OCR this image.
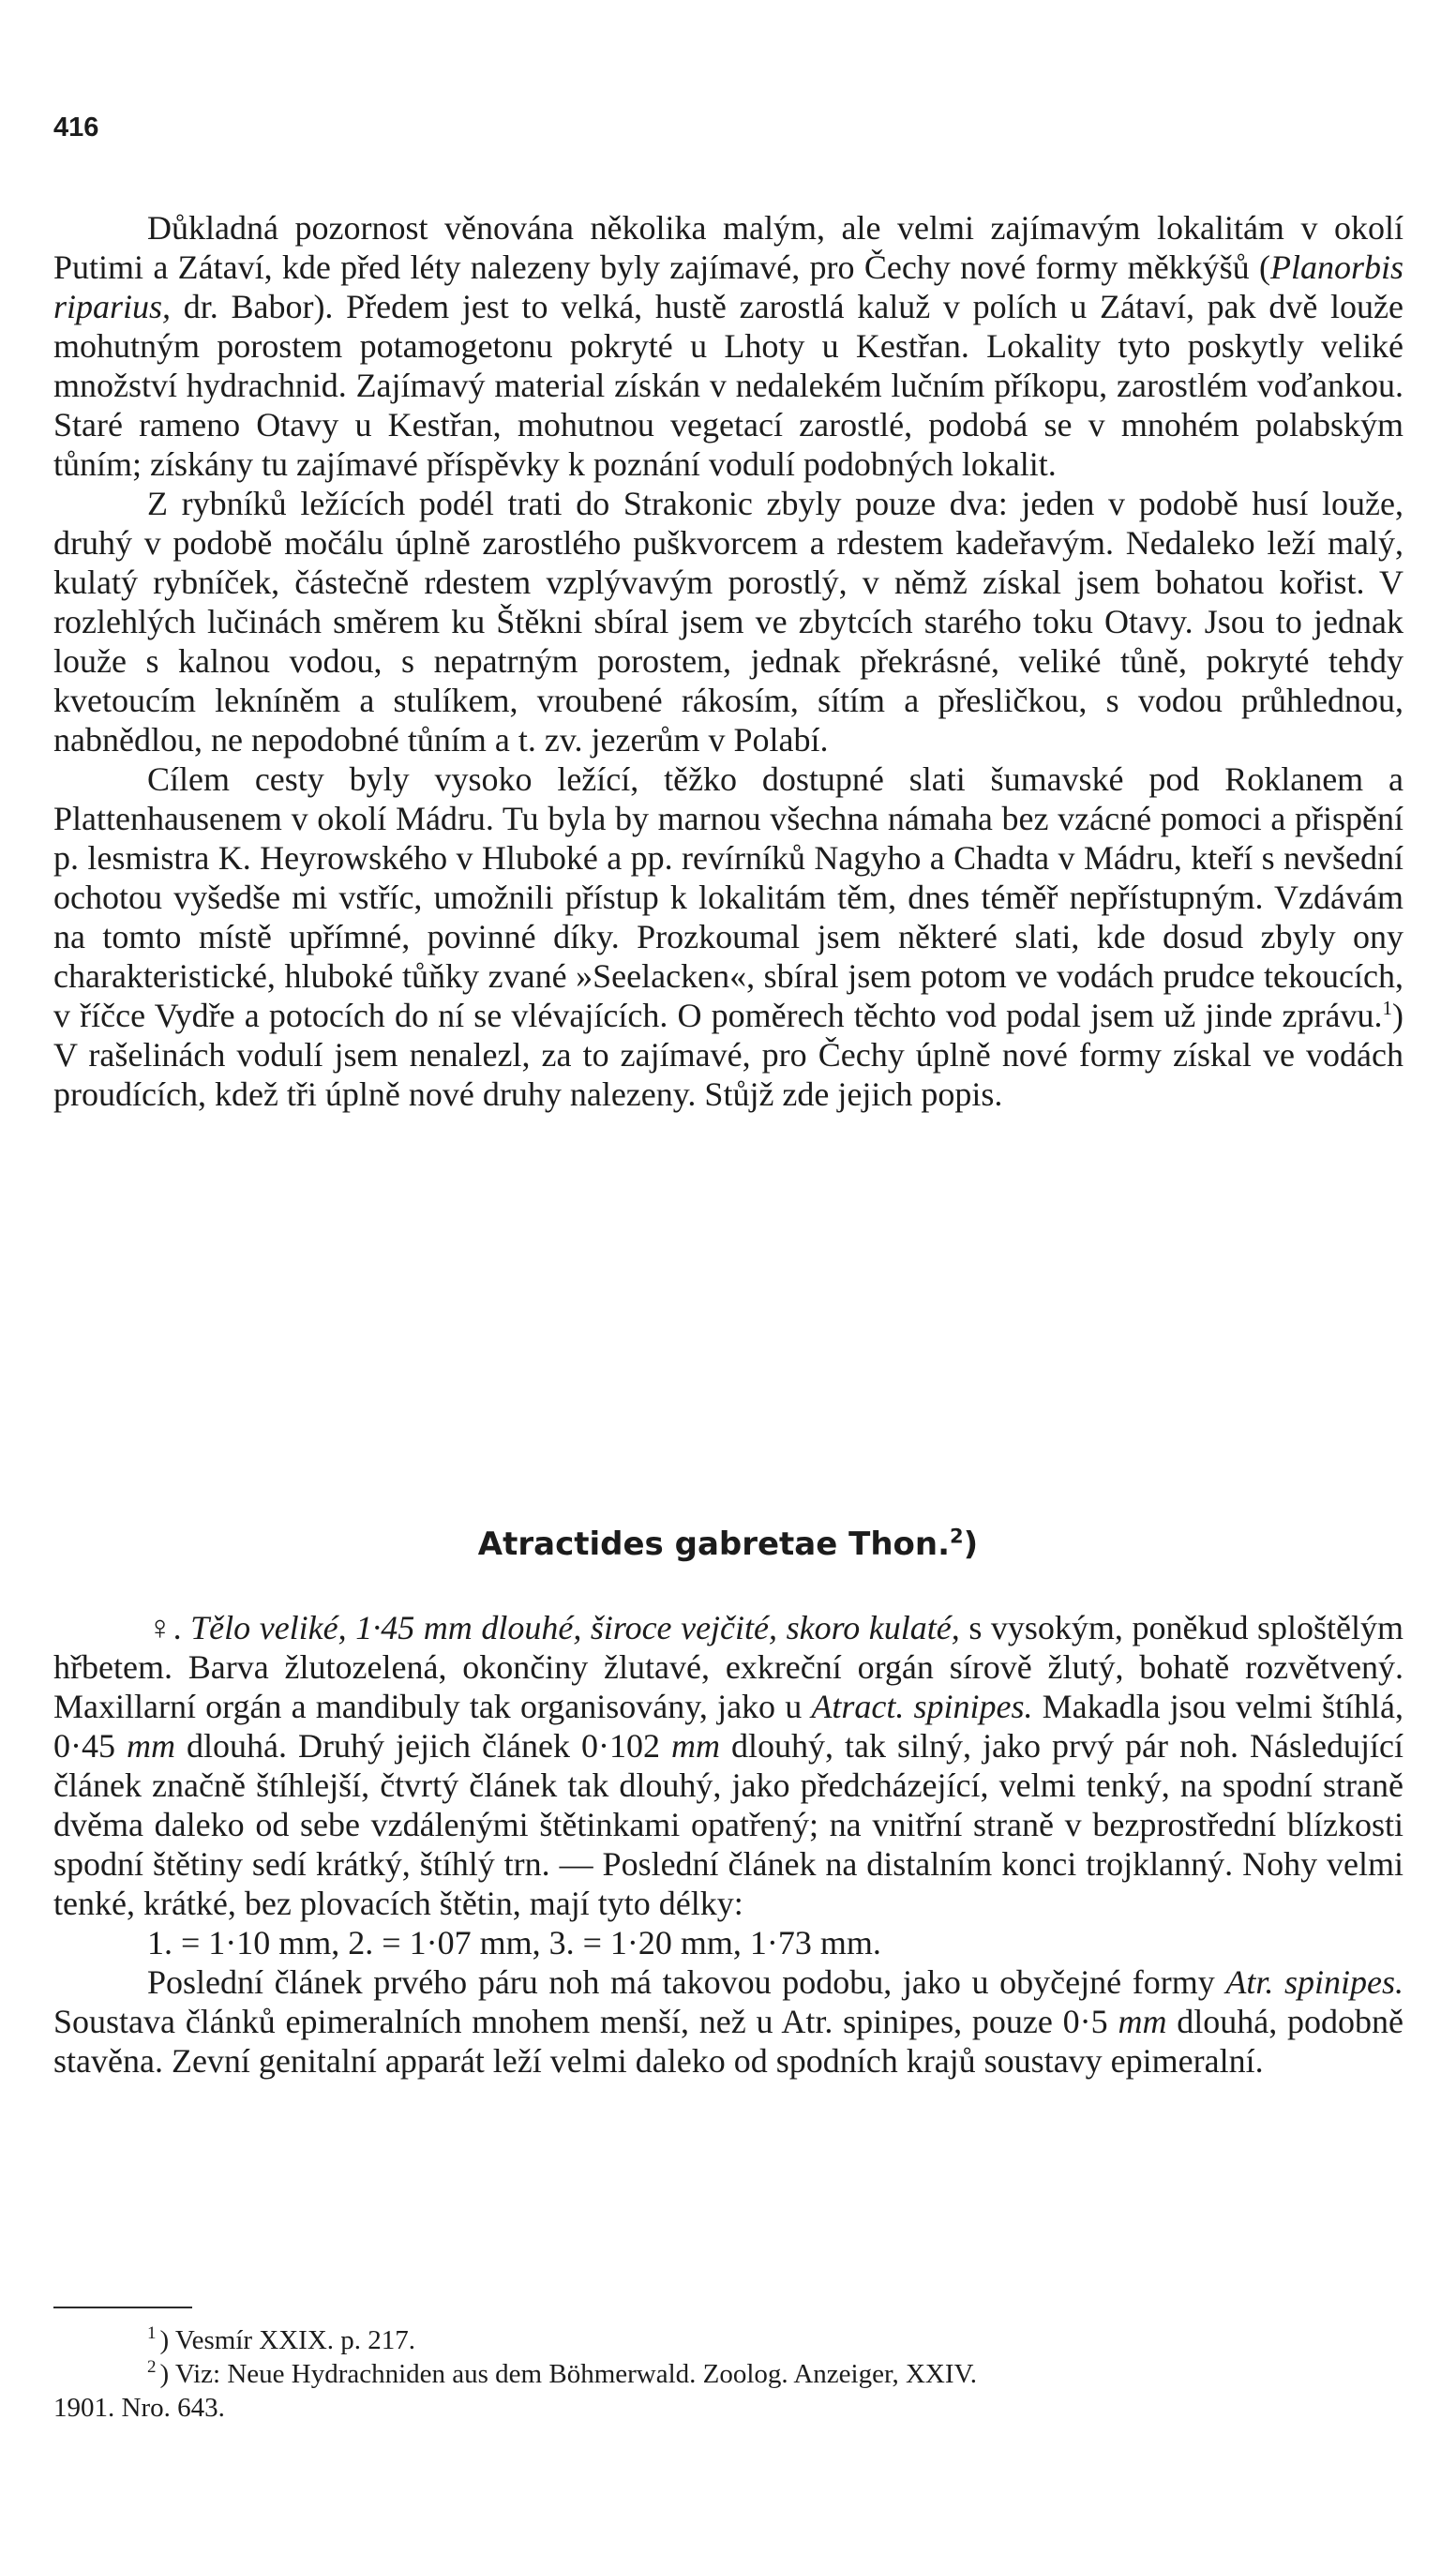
416

Důkladná pozornost věnována několika malým, ale velmi zajímavým lokalitám v okolí Putimi a Zátaví, kde před léty nalezeny byly zajímavé, pro Čechy nové formy měkkýšů (Planorbis riparius, dr. Babor). Předem jest to velká, hustě zarostlá kaluž v polích u Zátaví, pak dvě louže mohutným porostem potamogetonu pokryté u Lhoty u Kestřan. Lokality tyto poskytly veliké množství hydrachnid. Zajímavý material získán v nedalekém lučním příkopu, zarostlém voďankou. Staré rameno Otavy u Kestřan, mohutnou vegetací zarostlé, podobá se v mnohém polabským tůním; získány tu zajímavé příspěvky k poznání vodulí podobných lokalit.

Z rybníků ležících podél trati do Strakonic zbyly pouze dva: jeden v podobě husí louže, druhý v podobě močálu úplně zarostlého puškvorcem a rdestem kadeřavým. Nedaleko leží malý, kulatý rybníček, částečně rdestem vzplývavým porostlý, v němž získal jsem bohatou kořist. V rozlehlých lučinách směrem ku Štěkni sbíral jsem ve zbytcích starého toku Otavy. Jsou to jednak louže s kalnou vodou, s nepatrným porostem, jednak překrásné, veliké tůně, pokryté tehdy kvetoucím lekníněm a stulíkem, vroubené rákosím, sítím a přesličkou, s vodou průhlednou, nabnědlou, ne nepodobné tůním a t. zv. jezerům v Polabí.

Cílem cesty byly vysoko ležící, těžko dostupné slati šumavské pod Roklanem a Plattenhausenem v okolí Mádru. Tu byla by marnou všechna námaha bez vzácné pomoci a přispění p. lesmistra K. Heyrowského v Hluboké a pp. revírníků Nagyho a Chadta v Mádru, kteří s nevšední ochotou vyšedše mi vstříc, umožnili přístup k lokalitám těm, dnes téměř nepřístupným. Vzdávám na tomto místě upřímné, povinné díky. Prozkoumal jsem některé slati, kde dosud zbyly ony charakteristické, hluboké tůňky zvané »Seelacken«, sbíral jsem potom ve vodách prudce tekoucích, v říčce Vydře a potocích do ní se vlévajících. O poměrech těchto vod podal jsem už jinde zprávu.$^1$) V rašelinách vodulí jsem nenalezl, za to zajímavé, pro Čechy úplně nové formy získal ve vodách proudících, kdež tři úplně nové druhy nalezeny. Stůjž zde jejich popis.

Atractides gabretae Thon.$^2$)

♀. Tělo veliké, 1·45 mm dlouhé, široce vejčité, skoro kulaté, s vysokým, poněkud sploštělým hřbetem. Barva žlutozelená, okončiny žlutavé, exkreční orgán sírově žlutý, bohatě rozvětvený. Maxillarní orgán a mandibuly tak organisovány, jako u Atract. spinipes. Makadla jsou velmi štíhlá, 0·45 mm dlouhá. Druhý jejich článek 0·102 mm dlouhý, tak silný, jako prvý pár noh. Následující článek značně štíhlejší, čtvrtý článek tak dlouhý, jako předcházející, velmi tenký, na spodní straně dvěma daleko od sebe vzdálenými štětinkami opatřený; na vnitřní straně v bezprostřední blízkosti spodní štětiny sedí krátký, štíhlý trn. — Poslední článek na distalním konci trojklanný. Nohy velmi tenké, krátké, bez plovacích štětin, mají tyto délky:

1. = 1·10 mm, 2. = 1·07 mm, 3. = 1·20 mm, 1·73 mm.

Poslední článek prvého páru noh má takovou podobu, jako u obyčejné formy Atr. spinipes. Soustava článků epimeralních mnohem menší, než u Atr. spinipes, pouze 0·5 mm dlouhá, podobně stavěna. Zevní genitalní apparát leží velmi daleko od spodních krajů soustavy epimeralní.

$^1$ ) Vesmír XXIX. p. 217.
$^2$ ) Viz: Neue Hydrachniden aus dem Böhmerwald. Zoolog. Anzeiger, XXIV.
1901. Nro. 643.
